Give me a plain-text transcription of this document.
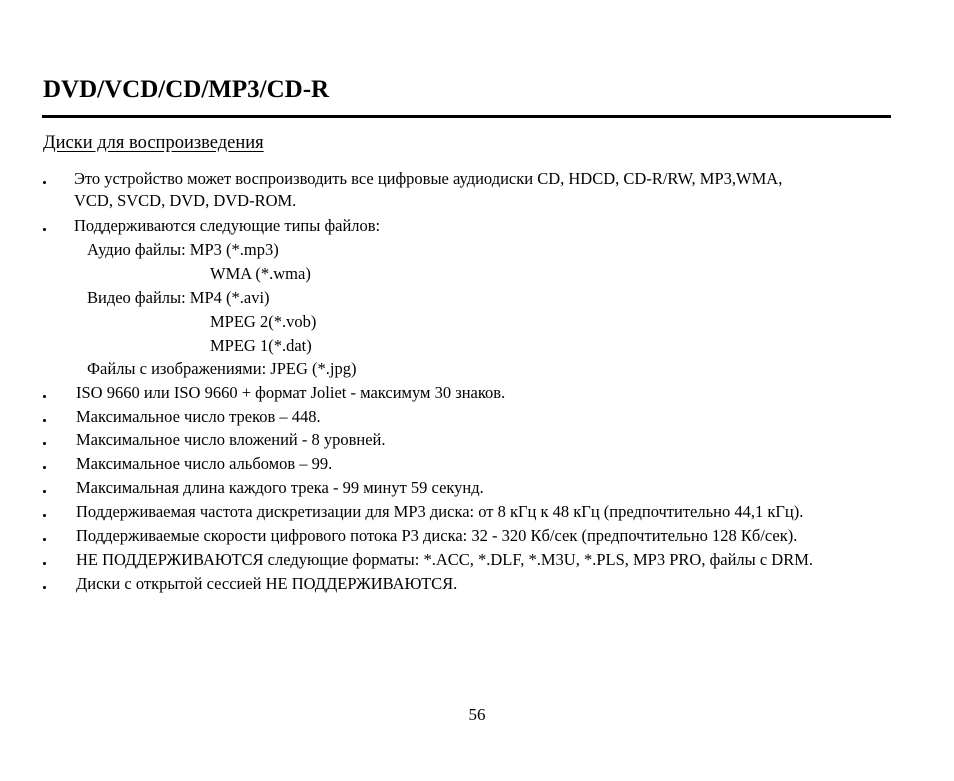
DVD/VCD/CD/MP3/CD-R
Диски для воспроизведения
Это устройство может воспроизводить все цифровые аудиодиски CD, HDCD, CD-R/RW, MP3,WMA,
VCD, SVCD, DVD, DVD-ROM.
Поддерживаются следующие типы файлов:
Аудио файлы: MP3 (*.mp3)
WMA (*.wma)
Видео файлы: MP4 (*.avi)
MPEG 2(*.vob)
MPEG 1(*.dat)
Файлы с изображениями: JPEG (*.jpg)
ISO 9660 или ISO 9660 + формат Joliet - максимум 30 знаков.
Максимальное число треков – 448.
Максимальное число вложений - 8 уровней.
Максимальное число альбомов – 99.
Максимальная длина каждого трека - 99 минут 59 секунд.
Поддерживаемая частота дискретизации для MP3 диска: от 8 кГц к 48 кГц (предпочтительно 44,1 кГц).
Поддерживаемые скорости цифрового потока P3 диска: 32 - 320 Кб/сек (предпочтительно 128 Кб/сек).
НЕ ПОДДЕРЖИВАЮТСЯ следующие форматы: *.ACC, *.DLF, *.M3U, *.PLS, MP3 PRO, файлы с DRM.
Диски с открытой сессией НЕ ПОДДЕРЖИВАЮТСЯ.
56
